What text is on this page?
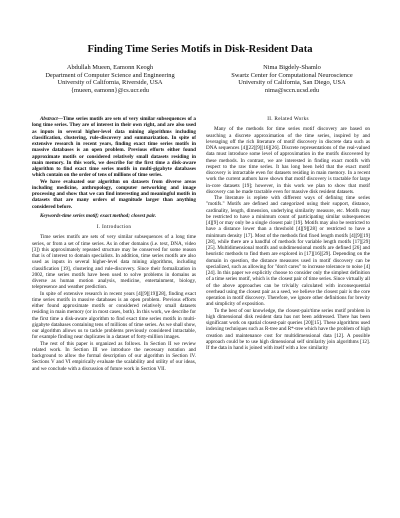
Finding Time Series Motifs in Disk-Resident Data
Abdullah Mueen, Eamonn Keogh
Department of Computer Science and Engineering
University of California, Riverside, USA
{mueen, eamonn}@cs.ucr.edu
Nima Bigdely-Shamlo
Swartz Center for Computational Neuroscience
University of California, San Diego, USA
nima@sccn.ucsd.edu

Abstract—Time series motifs are sets of very similar subsequences of a long time series. They are of interest in their own right, and are also used as inputs in several higher-level data mining algorithms including classification, clustering, rule-discovery and summarization. In spite of extensive research in recent years, finding exact time series motifs in massive databases is an open problem. Previous efforts either found approximate motifs or considered relatively small datasets residing in main memory. In this work, we describe for the first time a disk-aware algorithm to find exact time series motifs in multi-gigabyte databases which contain on the order of tens of millions of time series.

We have evaluated our algorithm on datasets from diverse areas including medicine, anthropology, computer networking and image processing and show that we can find interesting and meaningful motifs in datasets that are many orders of magnitude larger than anything considered before.

Keywords-time series motif; exact method; closest pair.

I. Introduction

Time series motifs are sets of very similar subsequences of a long time series, or from a set of time series. As in other domains (i.e. text, DNA, video [3]) this approximately repeated structure may be conserved for some reason that is of interest to domain specialists. In addition, time series motifs are also used as inputs in several higher-level data mining algorithms, including classification [19], clustering and rule-discovery. Since their formalization in 2002, time series motifs have been used to solve problems in domains as diverse as human motion analysis, medicine, entertainment, biology, telepresence and weather prediction.

In spite of extensive research in recent years [4][9][19][28], finding exact time series motifs in massive databases is an open problem. Previous efforts either found approximate motifs or considered relatively small datasets residing in main memory (or in most cases, both). In this work, we describe for the first time a disk-aware algorithm to find exact time series motifs in multi-gigabyte databases containing tens of millions of time series. As we shall show, our algorithm allows us to tackle problems previously considered intractable, for example finding near duplicates in a dataset of forty-million images.

The rest of this paper is organized as follows. In Section II we review related work. In Section III we introduce the necessary notation and background to allow the formal description of our algorithm in Section IV. Sections V and VI empirically evaluate the scalability and utility of our ideas, and we conclude with a discussion of future work in Section VII.

II. Related Works

Many of the methods for time series motif discovery are based on searching a discrete approximation of the time series, inspired by and leveraging off the rich literature of motif discovery in discrete data such as DNA sequences [4][22][9][16][26]. Discrete representations of the real-valued data must introduce some level of approximation in the motifs discovered by these methods. In contrast, we are interested in finding exact motifs with respect to the raw time series. It has long been held that the exact motif discovery is intractable even for datasets residing in main memory. In a recent work the current authors have shown that motif discovery is tractable for large in-core datasets [19]; however, in this work we plan to show that motif discovery can be made tractable even for massive disk resident datasets.

The literature is replete with different ways of defining time series "motifs." Motifs are defined and categorized using their support, distance, cardinality, length, dimension, underlying similarity measure, etc. Motifs may be restricted to have a minimum count of participating similar subsequences [4][9] or may only be a single closest pair [19]. Motifs may also be restricted to have a distance lower than a threshold [4][9][28] or restricted to have a minimum density [17]. Most of the methods find fixed length motifs [4][9][19][28], while there are a handful of methods for variable length motifs [17][29][25]. Multidimensional motifs and subdimensional motifs are defined [26] and heuristic methods to find them are explored in [17][16][29]. Depending on the domain in question, the distance measures used in motif discovery can be specialized, such as allowing for "don't cares" to increase tolerance to noise [4][24]. In this paper we explicitly choose to consider only the simplest definition of a time series motif, which is the closest pair of time series. Since virtually all of the above approaches can be trivially calculated with inconsequential overhead using the closest pair as a seed, we believe the closest pair is the core operation in motif discovery. Therefore, we ignore other definitions for brevity and simplicity of exposition.

To the best of our knowledge, the closest-pair/time series motif problem in high dimensional disk resident data has not been addressed. There has been significant work on spatial closest-pair queries [20][15]. These algorithms used indexing techniques such as R-tree and R*-tree which have the problem of high creation and maintenance cost for multidimensional data [12]. A possible approach could be to use high dimensional self similarity join algorithms [12]. If the data in hand is joined with itself with a low similarity
